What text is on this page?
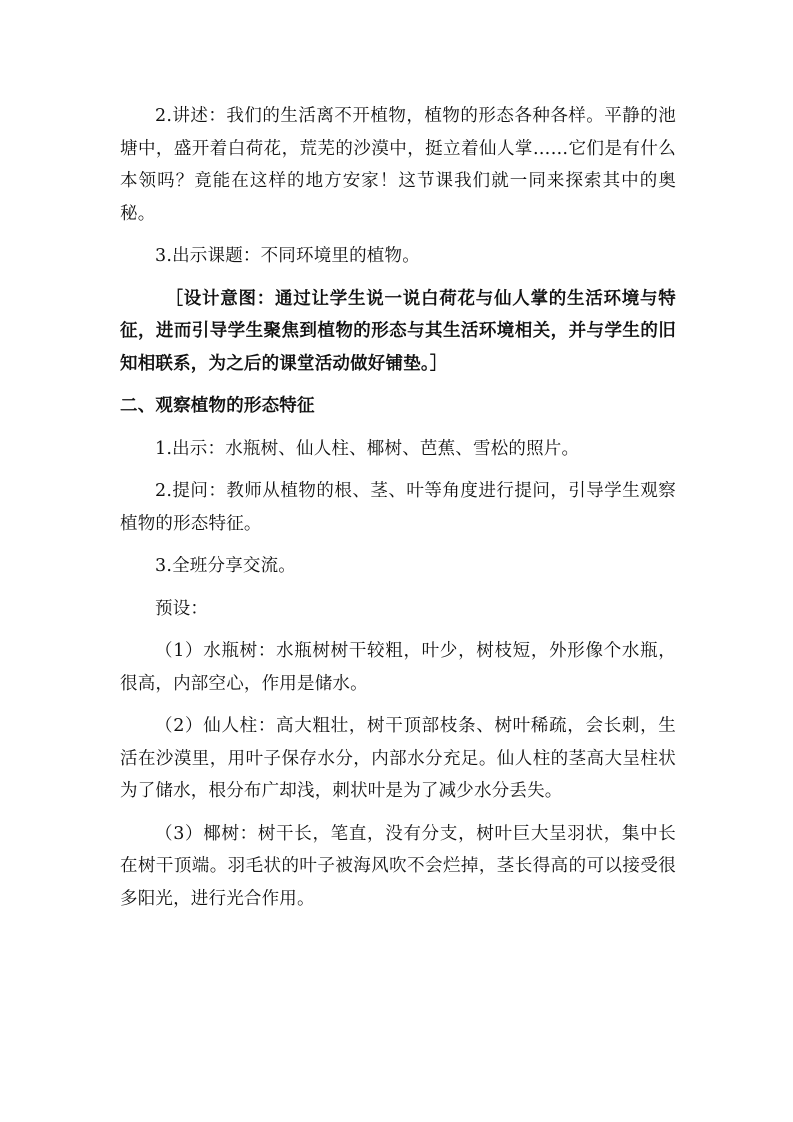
2.讲述：我们的生活离不开植物，植物的形态各种各样。平静的池塘中，盛开着白荷花，荒芜的沙漠中，挺立着仙人掌……它们是有什么本领吗？竟能在这样的地方安家！这节课我们就一同来探索其中的奥秘。

3.出示课题：不同环境里的植物。

［设计意图：通过让学生说一说白荷花与仙人掌的生活环境与特征，进而引导学生聚焦到植物的形态与其生活环境相关，并与学生的旧知相联系，为之后的课堂活动做好铺垫。］

二、观察植物的形态特征

1.出示：水瓶树、仙人柱、椰树、芭蕉、雪松的照片。

2.提问：教师从植物的根、茎、叶等角度进行提问，引导学生观察植物的形态特征。

3.全班分享交流。

预设：

（1）水瓶树：水瓶树树干较粗，叶少，树枝短，外形像个水瓶，很高，内部空心，作用是储水。

（2）仙人柱：高大粗壮，树干顶部枝条、树叶稀疏，会长刺，生活在沙漠里，用叶子保存水分，内部水分充足。仙人柱的茎高大呈柱状为了储水，根分布广却浅，刺状叶是为了减少水分丢失。

（3）椰树：树干长，笔直，没有分支，树叶巨大呈羽状，集中长在树干顶端。羽毛状的叶子被海风吹不会烂掉，茎长得高的可以接受很多阳光，进行光合作用。
